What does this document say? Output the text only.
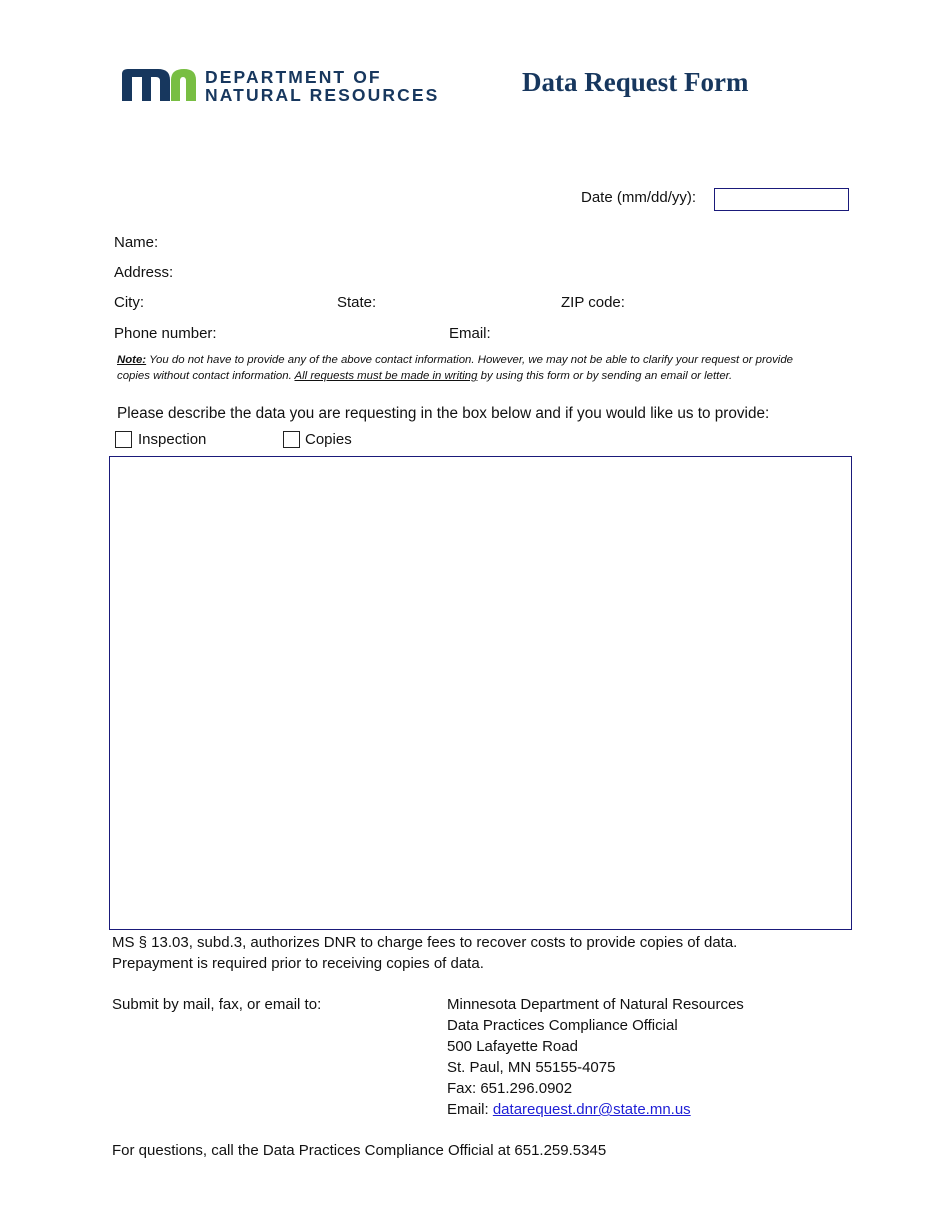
DEPARTMENT OF
NATURAL RESOURCES	Data Request Form
Date (mm/dd/yy):
Name:
Address:
City:	State:	ZIP code:
Phone number:	Email:
Note: You do not have to provide any of the above contact information. However, we may not be able to clarify your request or provide copies without contact information. All requests must be made in writing by using this form or by sending an email or letter.
Please describe the data you are requesting in the box below and if you would like us to provide:
Inspection	Copies
MS § 13.03, subd.3, authorizes DNR to charge fees to recover costs to provide copies of data.
Prepayment is required prior to receiving copies of data.
Submit by mail, fax, or email to:	Minnesota Department of Natural Resources
Data Practices Compliance Official
500 Lafayette Road
St. Paul, MN 55155-4075
Fax: 651.296.0902
Email: datarequest.dnr@state.mn.us
For questions, call the Data Practices Compliance Official at 651.259.5345
